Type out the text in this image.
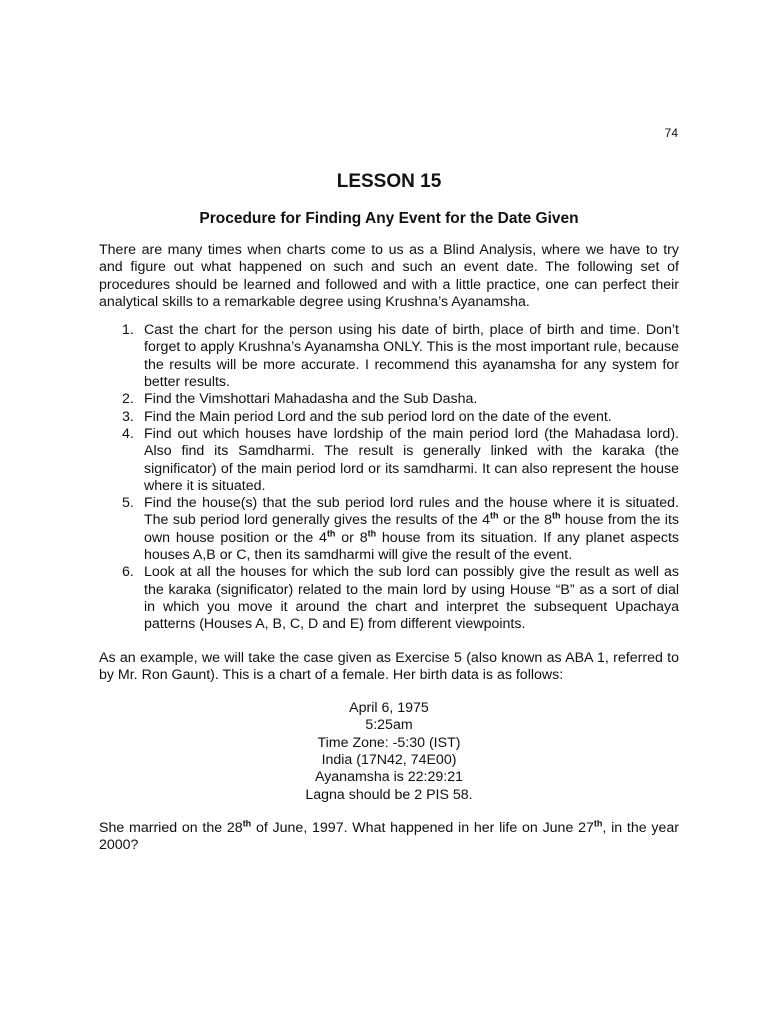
74
LESSON 15
Procedure for Finding Any Event for the Date Given

There are many times when charts come to us as a Blind Analysis, where we have to try and figure out what happened on such and such an event date. The following set of procedures should be learned and followed and with a little practice, one can perfect their analytical skills to a remarkable degree using Krushna’s Ayanamsha.

1. Cast the chart for the person using his date of birth, place of birth and time. Don’t forget to apply Krushna’s Ayanamsha ONLY. This is the most important rule, because the results will be more accurate. I recommend this ayanamsha for any system for better results.
2. Find the Vimshottari Mahadasha and the Sub Dasha.
3. Find the Main period Lord and the sub period lord on the date of the event.
4. Find out which houses have lordship of the main period lord (the Mahadasa lord). Also find its Samdharmi. The result is generally linked with the karaka (the significator) of the main period lord or its samdharmi. It can also represent the house where it is situated.
5. Find the house(s) that the sub period lord rules and the house where it is situated. The sub period lord generally gives the results of the 4th or the 8th house from the its own house position or the 4th or 8th house from its situation. If any planet aspects houses A,B or C, then its samdharmi will give the result of the event.
6. Look at all the houses for which the sub lord can possibly give the result as well as the karaka (significator) related to the main lord by using House “B” as a sort of dial in which you move it around the chart and interpret the subsequent Upachaya patterns (Houses A, B, C, D and E) from different viewpoints.

As an example, we will take the case given as Exercise 5 (also known as ABA 1, referred to by Mr. Ron Gaunt). This is a chart of a female. Her birth data is as follows:

April 6, 1975
5:25am
Time Zone: -5:30 (IST)
India (17N42, 74E00)
Ayanamsha is 22:29:21
Lagna should be 2 PIS 58.

She married on the 28th of June, 1997. What happened in her life on June 27th, in the year 2000?
